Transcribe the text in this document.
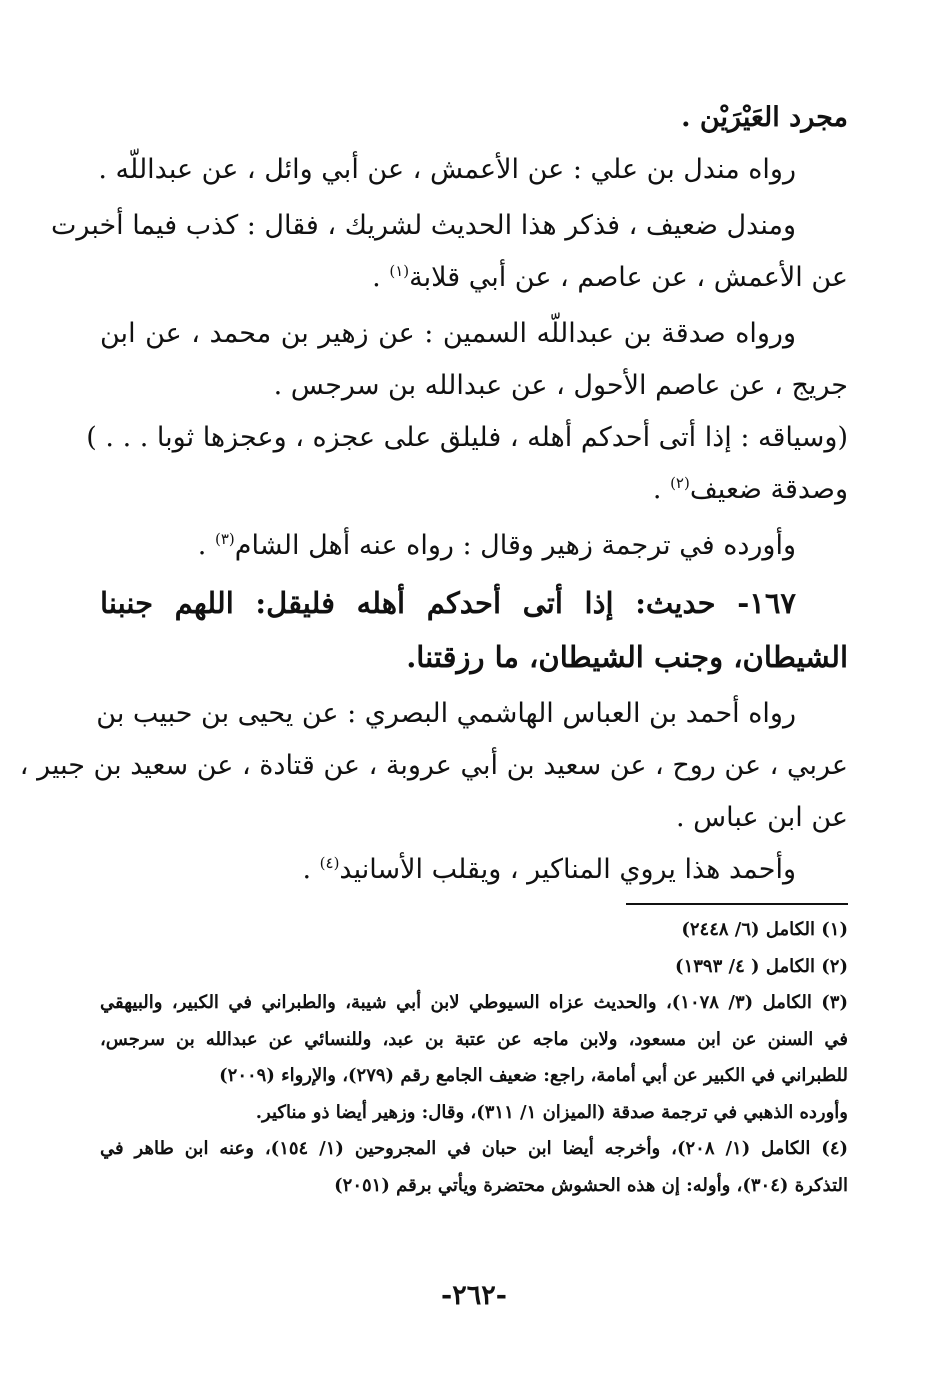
مجرد العَيْرَيْن .
رواه مندل بن علي : عن الأعمش ، عن أبي وائل ، عن عبداللّه .
ومندل ضعيف ، فذكر هذا الحديث لشريك ، فقال : كذب فيما أخبرت
عن الأعمش ، عن عاصم ، عن أبي قلابة$^{(١)}$ .
ورواه صدقة بن عبداللّه السمين : عن زهير بن محمد ، عن ابن
جريج ، عن عاصم الأحول ، عن عبدالله بن سرجس .
(وسياقه : إذا أتى أحدكم أهله ، فليلق على عجزه ، وعجزها ثوبا . . . )
وصدقة ضعيف$^{(٢)}$ .
وأورده في ترجمة زهير وقال : رواه عنه أهل الشام$^{(٣)}$ .
١٦٧- حديث: إذا أتى أحدكم أهله فليقل: اللهم جنبنا
الشيطان، وجنب الشيطان، ما رزقتنا.
رواه أحمد بن العباس الهاشمي البصري : عن يحيى بن حبيب بن
عربي ، عن روح ، عن سعيد بن أبي عروبة ، عن قتادة ، عن سعيد بن جبير ،
عن ابن عباس .
وأحمد هذا يروي المناكير ، ويقلب الأسانيد$^{(٤)}$ .
(١) الكامل (٦/ ٢٤٤٨)
(٢) الكامل ( ٤/ ١٣٩٣)
(٣) الكامل (٣/ ١٠٧٨)، والحديث عزاه السيوطي لابن أبي شيبة، والطبراني في الكبير، والبيهقي
في السنن عن ابن مسعود، ولابن ماجه عن عتبة بن عبد، وللنسائي عن عبدالله بن سرجس،
للطبراني في الكبير عن أبي أمامة، راجع: ضعيف الجامع رقم (٢٧٩)، والإرواء (٢٠٠٩)
وأورده الذهبي في ترجمة صدقة (الميزان ١/ ٣١١)، وقال: وزهير أيضا ذو مناكير.
(٤) الكامل (١/ ٢٠٨)، وأخرجه أيضا ابن حبان في المجروحين (١/ ١٥٤)، وعنه ابن طاهر في
التذكرة (٣٠٤)، وأوله: إن هذه الحشوش محتضرة ويأتي برقم (٢٠٥١)
-٢٦٢-
